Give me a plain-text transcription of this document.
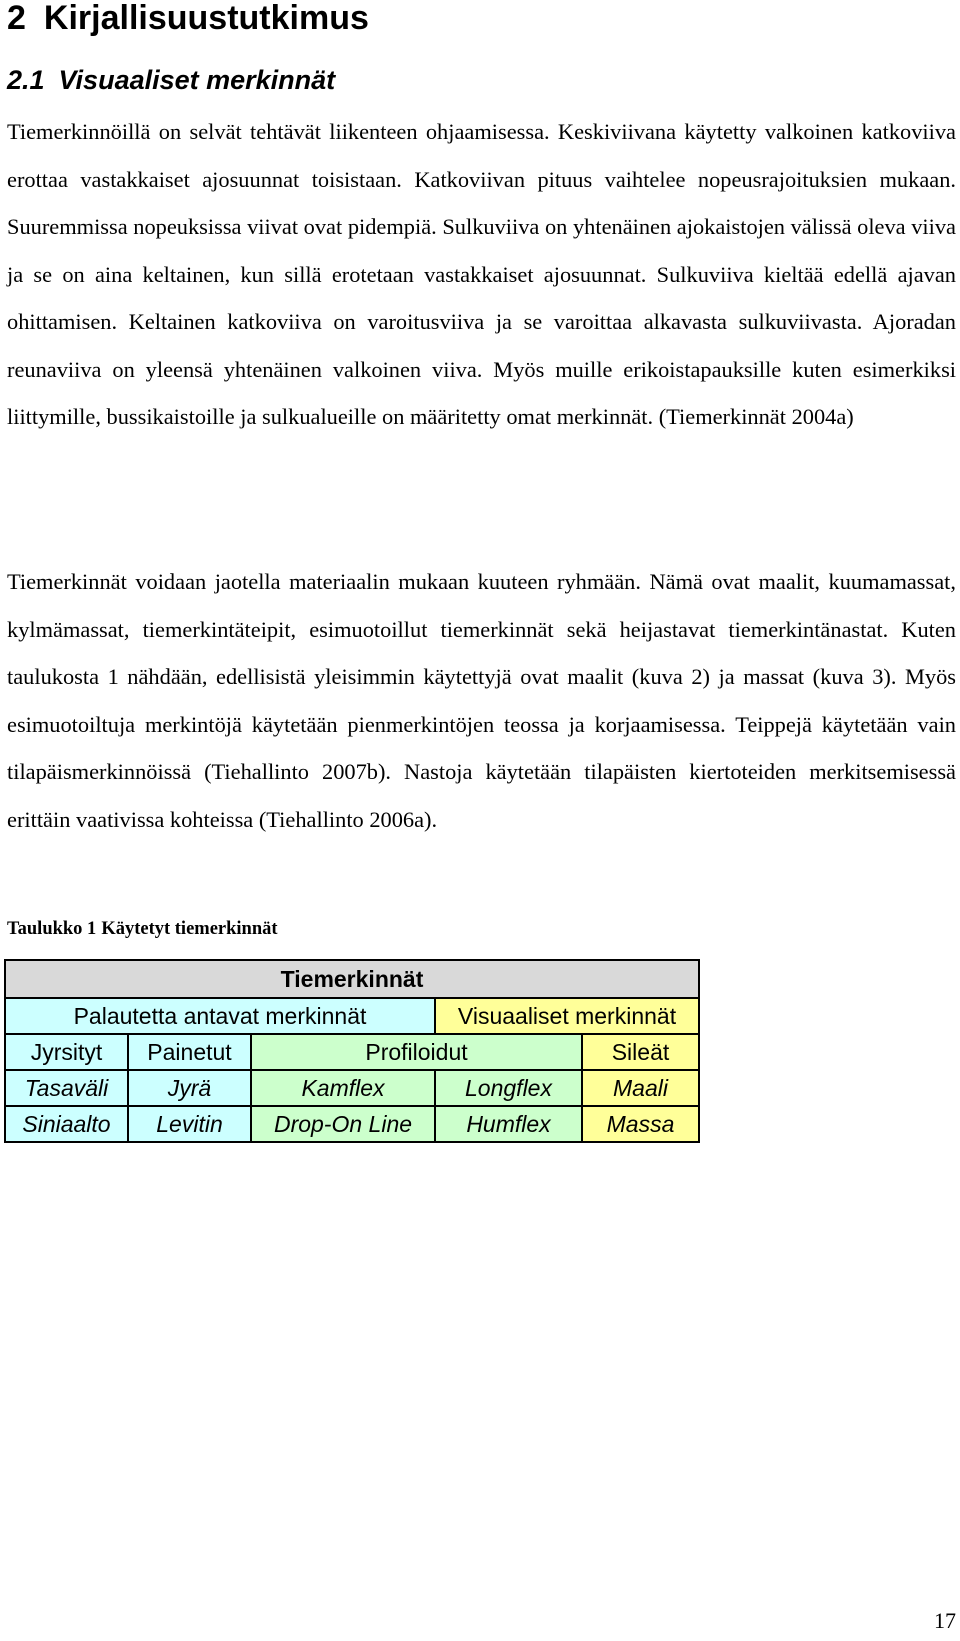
2 Kirjallisuustutkimus
2.1 Visuaaliset merkinnät

Tiemerkinnöillä on selvät tehtävät liikenteen ohjaamisessa. Keskiviivana käytetty valkoinen katkoviiva erottaa vastakkaiset ajosuunnat toisistaan. Katkoviivan pituus vaihtelee nopeusrajoituksien mukaan. Suuremmissa nopeuksissa viivat ovat pidempiä. Sulkuviiva on yhtenäinen ajokaistojen välissä oleva viiva ja se on aina keltainen, kun sillä erotetaan vastakkaiset ajosuunnat. Sulkuviiva kieltää edellä ajavan ohittamisen. Keltainen katkoviiva on varoitusviiva ja se varoittaa alkavasta sulkuviivasta. Ajoradan reunaviiva on yleensä yhtenäinen valkoinen viiva. Myös muille erikoistapauksille kuten esimerkiksi liittymille, bussikaistoille ja sulkualueille on määritetty omat merkinnät. (Tiemerkinnät 2004a)

Tiemerkinnät voidaan jaotella materiaalin mukaan kuuteen ryhmään. Nämä ovat maalit, kuumamassat, kylmämassat, tiemerkintäteipit, esimuotoillut tiemerkinnät sekä heijastavat tiemerkintänastat. Kuten taulukosta 1 nähdään, edellisistä yleisimmin käytettyjä ovat maalit (kuva 2) ja massat (kuva 3). Myös esimuotoiltuja merkintöjä käytetään pienmerkintöjen teossa ja korjaamisessa. Teippejä käytetään vain tilapäismerkinnöissä (Tiehallinto 2007b). Nastoja käytetään tilapäisten kiertoteiden merkitsemisessä erittäin vaativissa kohteissa (Tiehallinto 2006a).

Taulukko 1 Käytetyt tiemerkinnät

Tiemerkinnät				
Palautetta antavat merkinnät			Visuaaliset merkinnät	
Jyrsityt	Painetut	Profiloidut		Sileät
Tasaväli	Jyrä	Kamflex	Longflex	Maali
Siniaalto	Levitin	Drop-On Line	Humflex	Massa

17
